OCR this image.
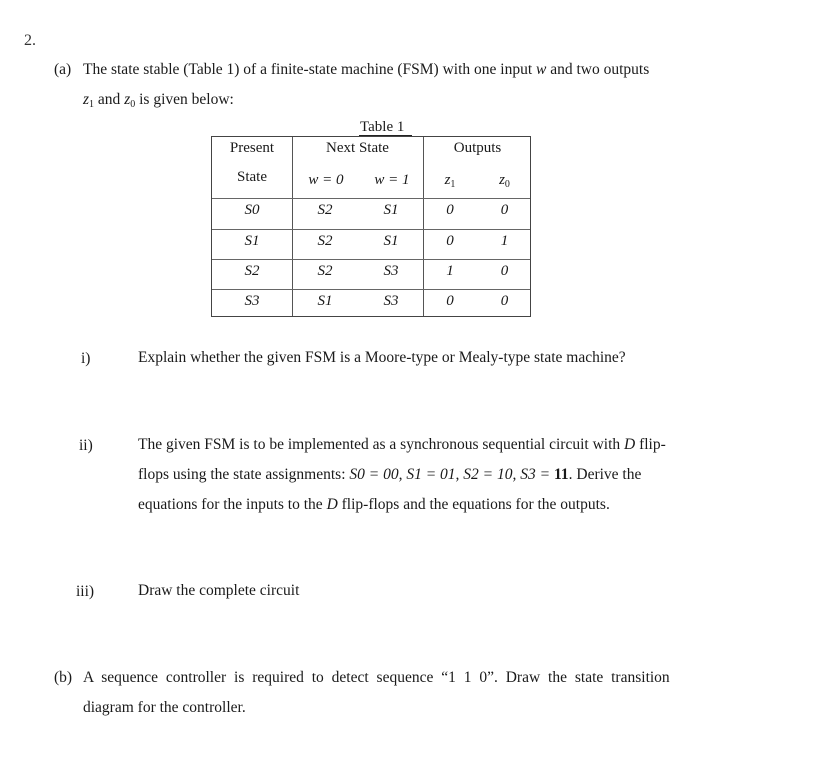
2.
(a) The state stable (Table 1) of a finite-state machine (FSM) with one input w and two outputs
$z_1$ and $z_0$ is given below:
Table 1
Present	Next State	Outputs
State	w = 0	w = 1	$z_1$	$z_0$
S0	S2	S1	0	0
S1	S2	S1	0	1
S2	S2	S3	1	0
S3	S1	S3	0	0
i)	Explain whether the given FSM is a Moore-type or Mealy-type state machine?
ii)	The given FSM is to be implemented as a synchronous sequential circuit with D flip-
flops using the state assignments: S0 = 00, S1 = 01, S2 = 10, S3 = 11. Derive the
equations for the inputs to the D flip-flops and the equations for the outputs.
iii)	Draw the complete circuit
(b) A sequence controller is required to detect sequence “1 1 0”. Draw the state transition
diagram for the controller.
